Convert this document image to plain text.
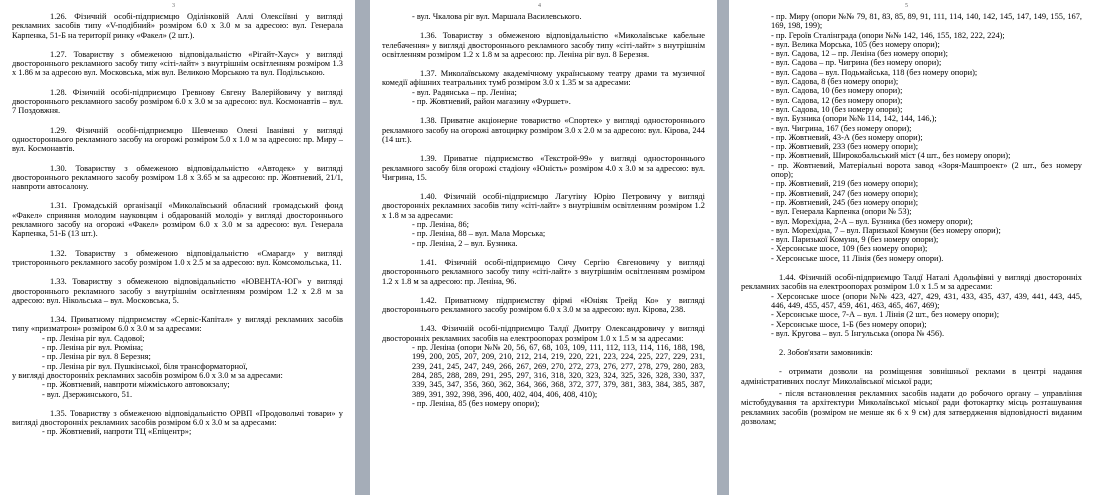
3
1.26. Фізичній особі-підприємцю Оділінковій Аллі Олексіївні у вигляді рекламних засобів типу «V-подібний» розміром 6.0 х 3.0 м за адресою: вул. Генерала Карпенка, 51-Б на території ринку «Факел» (2 шт.).
1.27. Товариству з обмеженою відповідальністю «Рігайт-Хаус» у вигляді двостороннього рекламного засобу типу «сіті-лайт» з внутрішнім освітленням розміром 1.3 х 1.86 м за адресою вул. Московська, між вул. Великою Морською та вул. Подільською.
1.28. Фізичній особі-підприємцю Гревнову Євгену Валерійовичу у вигляді двостороннього рекламного засобу розміром 6.0 х 3.0 м за адресою: вул. Космонавтів – вул. 7 Поздовжня.
1.29. Фізичній особі-підприємцю Шевченко Олені Іванівні у вигляді одностороннього рекламного засобу на огорожі розміром 5.0 х 1.0 м за адресою: пр. Миру – вул. Космонавтів.
1.30. Товариству з обмеженою відповідальністю «Автодек» у вигляді двостороннього рекламного засобу розміром 1.8 х 3.65 м за адресою: пр. Жовтневий, 21/1, навпроти автосалону.
1.31. Громадській організації «Миколаївський обласний громадський фонд «Факел» сприяння молодим науковцям і обдарованій молоді» у вигляді двостороннього рекламного засобу на огорожі «Факел» розміром 6.0 х 3.0 м за адресою: вул. Генерала Карпенка, 51-Б (13 шт.).
1.32. Товариству з обмеженою відповідальністю «Смарагд» у вигляді тристороннього рекламного засобу розміром 1.0 х 2.5 м за адресою: вул. Комсомольська, 11.
1.33. Товариству з обмеженою відповідальністю «ЮВЕНТА-ЮГ» у вигляді двостороннього рекламного засобу з внутрішнім освітленням розміром 1.2 х 2.8 м за адресою: вул. Нікольська – вул. Московська, 5.
1.34. Приватному підприємству «Сервіс-Капітал» у вигляді рекламних засобів типу «призматрон» розміром 6.0 х 3.0 м за адресами:
- пр. Леніна ріг вул. Садової;
- пр. Леніна ріг вул. Рюміна;
- пр. Леніна ріг вул. 8 Березня;
- пр. Леніна ріг вул. Пушкінської, біля трансформаторної,
у вигляді двосторонніх рекламних засобів розміром 6.0 х 3.0 м за адресами:
- пр. Жовтневий, навпроти міжміського автовокзалу;
- вул. Дзержинського, 51.
1.35. Товариству з обмеженою відповідальністю ОРВП «Продовольчі товари» у вигляді двосторонніх рекламних засобів розміром 6.0 х 3.0 м за адресами:
- пр. Жовтневий, напроти ТЦ «Епіцентр»;
4
- вул. Чкалова ріг вул. Маршала Василевського.
1.36. Товариству з обмеженою відповідальністю «Миколаївське кабельне телебачення» у вигляді двостороннього рекламного засобу типу «сіті-лайт» з внутрішнім освітленням розміром 1.2 х 1.8 м за адресою: пр. Леніна ріг вул. 8 Березня.
1.37. Миколаївському академічному українському театру драми та музичної комедії афішних театральних тумб розміром 3.0 х 1.35 м за адресами:
- вул. Радянська – пр. Леніна;
- пр. Жовтневий, район магазину «Фуршет».
1.38. Приватне акціонерне товариство «Спортек» у вигляді одностороннього рекламного засобу на огорожі автоцирку розміром 3.0 х 2.0 м за адресою: вул. Кірова, 244 (14 шт.).
1.39. Приватне підприємство «Текстрой-99» у вигляді одностороннього рекламного засобу біля огорожі стадіону «Юність» розміром 4.0 х 3.0 м за адресою: вул. Чигрина, 15.
1.40. Фізичній особі-підприємцю Лагутіну Юрію Петровичу у вигляді двосторонніх рекламних засобів типу «сіті-лайт» з внутрішнім освітленням розміром 1.2 х 1.8 м за адресами:
- пр. Леніна, 86;
- пр. Леніна, 88 – вул. Мала Морська;
- пр. Леніна, 2 – вул. Бузника.
1.41. Фізичній особі-підприємцю Сичу Сергію Євгеновичу у вигляді двостороннього рекламного засобу типу «сіті-лайт» з внутрішнім освітленням розміром 1.2 х 1.8 м за адресою: пр. Леніна, 96.
1.42. Приватному підприємству фірмі «Юніяк Трейд Ко» у вигляді двостороннього рекламного засобу розміром 6.0 х 3.0 м за адресою: вул. Кірова, 238.
1.43. Фізичній особі-підприємцю Талдї Дмитру Олександровичу у вигляді двосторонніх рекламних засобів на електроопорах розміром 1.0 х 1.5 м за адресами:
- пр. Леніна (опори №№ 20, 56, 67, 68, 103, 109, 111, 112, 113, 114, 116, 188, 198, 199, 200, 205, 207, 209, 210, 212, 214, 219, 220, 221, 223, 224, 225, 227, 229, 231, 239, 241, 245, 247, 249, 266, 267, 269, 270, 272, 273, 276, 277, 278, 279, 280, 283, 284, 285, 288, 289, 291, 295, 297, 316, 318, 320, 323, 324, 325, 326, 328, 330, 337, 339, 345, 347, 356, 360, 362, 364, 366, 368, 372, 377, 379, 381, 383, 384, 385, 387, 389, 391, 392, 398, 396, 400, 402, 404, 406, 408, 410);
- пр. Леніна, 85 (без номеру опори);
5
- пр. Миру (опори №№ 79, 81, 83, 85, 89, 91, 111, 114, 140, 142, 145, 147, 149, 155, 167, 169, 198, 199);
- пр. Героїв Сталінграда (опори №№ 142, 146, 155, 182, 222, 224);
- вул. Велика Морська, 105 (без номеру опори);
- вул. Садова, 12 – пр. Леніна (без номеру опори);
- вул. Садова – пр. Чигрина (без номеру опори);
- вул. Садова – вул. Подьмайська, 118 (без номеру опори);
- вул. Садова, 8 (без номеру опори);
- вул. Садова, 10 (без номеру опори);
- вул. Садова, 12 (без номеру опори);
- вул. Садова, 10 (без номеру опори);
- вул. Бузника (опори №№ 114, 142, 144, 146,);
- вул. Чигрина, 167 (без номеру опори);
- пр. Жовтневий, 43-А (без номеру опори);
- пр. Жовтневий, 233 (без номеру опори);
- пр. Жовтневий, Широкобальський міст (4 шт., без номеру опори);
- пр. Жовтневий, Матеріальні ворота завод «Зоря-Машпроект» (2 шт., без номеру опор);
- пр. Жовтневий, 219 (без номеру опори);
- пр. Жовтневий, 247 (без номеру опори);
- пр. Жовтневий, 245 (без номеру опори);
- вул. Генерала Карпенка (опори № 53);
- вул. Морехідна, 2-А – вул. Бузника (без номеру опори);
- вул. Морехідна, 7 – вул. Паризької Комуни (без номеру опори);
- вул. Паризької Комуни, 9 (без номеру опори);
- Херсонське шосе, 109 (без номеру опори);
- Херсонське шосе, 11 Лінія (без номеру опори).
1.44. Фізичній особі-підприємцю Талдї Наталі Адольфівні у вигляді двосторонніх рекламних засобів на електроопорах розміром 1.0 х 1.5 м за адресами:
- Херсонське шосе (опори №№ 423, 427, 429, 431, 433, 435, 437, 439, 441, 443, 445, 446, 449, 455, 457, 459, 461, 463, 465, 467, 469);
- Херсонське шосе, 7-А – вул. 1 Лінія (2 шт., без номеру опори);
- Херсонське шосе, 1-Б (без номеру опори);
- вул. Кругова – вул. 5 Інгульська (опора № 456).
2. Зобов'язати замовників:
- отримати дозволи на розміщення зовнішньої реклами в центрі надання адміністративних послуг Миколаївської міської ради;
- після встановлення рекламних засобів надати до робочого органу – управління містобудування та архітектури Миколаївської міської ради фотокартку місць розташування рекламних засобів (розміром не менше як 6 х 9 см) для затвердження відповідності виданим дозволам;
